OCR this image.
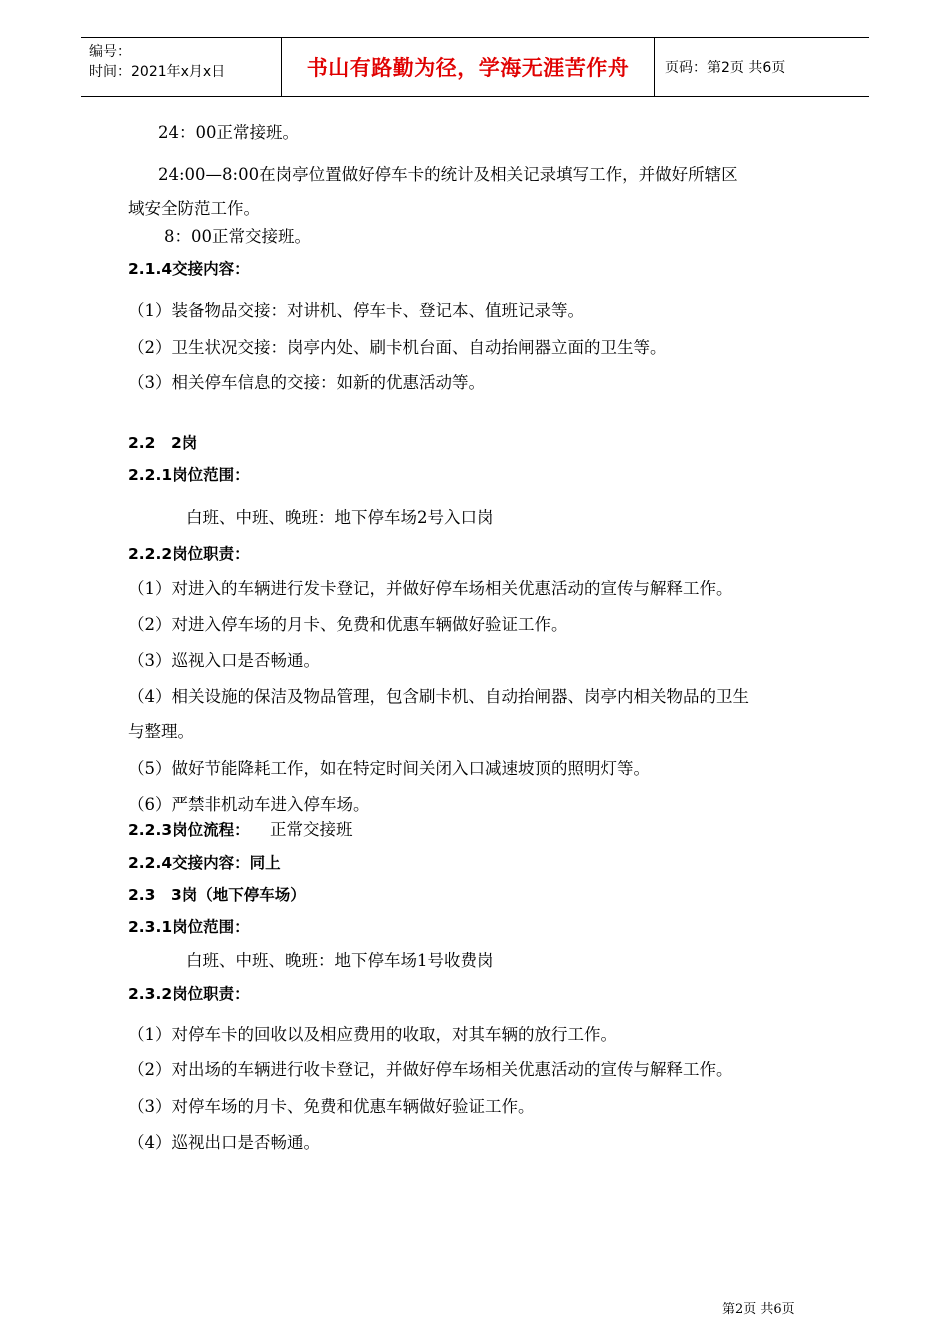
编号：
时间：2021年x月x日	书山有路勤为径，学海无涯苦作舟	页码：第2页 共6页
24：00正常接班。
24:00—8:00在岗亭位置做好停车卡的统计及相关记录填写工作，并做好所辖区
域安全防范工作。
8：00正常交接班。
2.1.4交接内容：
（1）装备物品交接：对讲机、停车卡、登记本、值班记录等。
（2）卫生状况交接：岗亭内处、刷卡机台面、自动抬闸器立面的卫生等。
（3）相关停车信息的交接：如新的优惠活动等。
2.2　2岗
2.2.1岗位范围：
白班、中班、晚班：地下停车场2号入口岗
2.2.2岗位职责：
（1）对进入的车辆进行发卡登记，并做好停车场相关优惠活动的宣传与解释工作。
（2）对进入停车场的月卡、免费和优惠车辆做好验证工作。
（3）巡视入口是否畅通。
（4）相关设施的保洁及物品管理，包含刷卡机、自动抬闸器、岗亭内相关物品的卫生
与整理。
（5）做好节能降耗工作，如在特定时间关闭入口减速坡顶的照明灯等。
（6）严禁非机动车进入停车场。
2.2.3岗位流程： 正常交接班
2.2.4交接内容：同上
2.3　3岗（地下停车场）
2.3.1岗位范围：
白班、中班、晚班：地下停车场1号收费岗
2.3.2岗位职责：
（1）对停车卡的回收以及相应费用的收取，对其车辆的放行工作。
（2）对出场的车辆进行收卡登记，并做好停车场相关优惠活动的宣传与解释工作。
（3）对停车场的月卡、免费和优惠车辆做好验证工作。
（4）巡视出口是否畅通。
第2页 共6页
